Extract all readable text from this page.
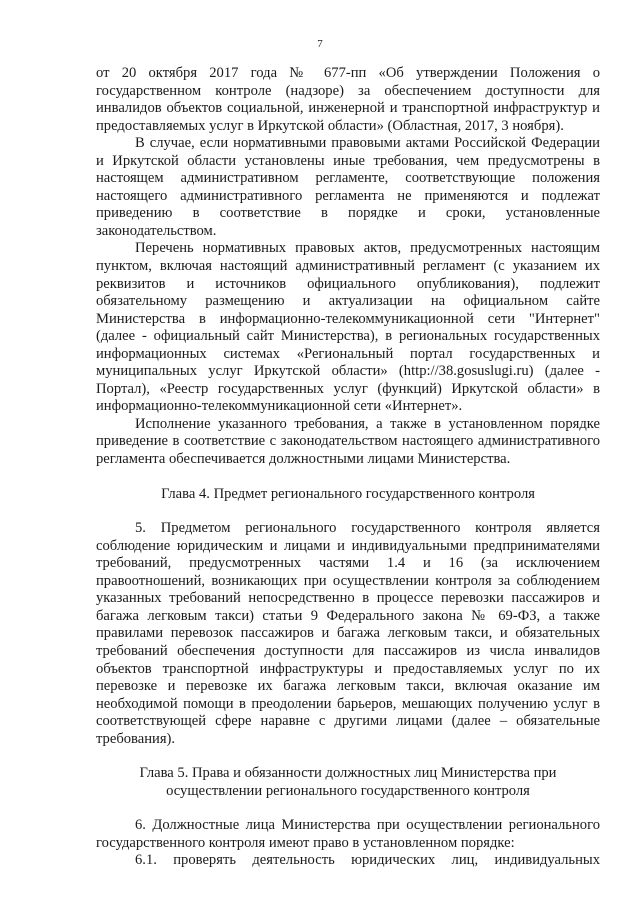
7

от 20 октября 2017 года № 677-пп «Об утверждении Положения о государственном контроле (надзоре) за обеспечением доступности для инвалидов объектов социальной, инженерной и транспортной инфраструктур и предоставляемых услуг в Иркутской области» (Областная, 2017, 3 ноября).

В случае, если нормативными правовыми актами Российской Федерации и Иркутской области установлены иные требования, чем предусмотрены в настоящем административном регламенте, соответствующие положения настоящего административного регламента не применяются и подлежат приведению в соответствие в порядке и сроки, установленные законодательством.

Перечень нормативных правовых актов, предусмотренных настоящим пунктом, включая настоящий административный регламент (с указанием их реквизитов и источников официального опубликования), подлежит обязательному размещению и актуализации на официальном сайте Министерства в информационно-телекоммуникационной сети "Интернет" (далее - официальный сайт Министерства), в региональных государственных информационных системах «Региональный портал государственных и муниципальных услуг Иркутской области» (http://38.gosuslugi.ru) (далее - Портал), «Реестр государственных услуг (функций) Иркутской области» в информационно-телекоммуникационной сети «Интернет».

Исполнение указанного требования, а также в установленном порядке приведение в соответствие с законодательством настоящего административного регламента обеспечивается должностными лицами Министерства.

Глава 4. Предмет регионального государственного контроля

5. Предметом регионального государственного контроля является соблюдение юридическим и лицами и индивидуальными предпринимателями требований, предусмотренных частями 1.4 и 16 (за исключением правоотношений, возникающих при осуществлении контроля за соблюдением указанных требований непосредственно в процессе перевозки пассажиров и багажа легковым такси) статьи 9 Федерального закона № 69-ФЗ, а также правилами перевозок пассажиров и багажа легковым такси, и обязательных требований обеспечения доступности для пассажиров из числа инвалидов объектов транспортной инфраструктуры и предоставляемых услуг по их перевозке и перевозке их багажа легковым такси, включая оказание им необходимой помощи в преодолении барьеров, мешающих получению услуг в соответствующей сфере наравне с другими лицами (далее – обязательные требования).

Глава 5. Права и обязанности должностных лиц Министерства при осуществлении регионального государственного контроля

6. Должностные лица Министерства при осуществлении регионального государственного контроля имеют право в установленном порядке:

6.1. проверять деятельность юридических лиц, индивидуальных
